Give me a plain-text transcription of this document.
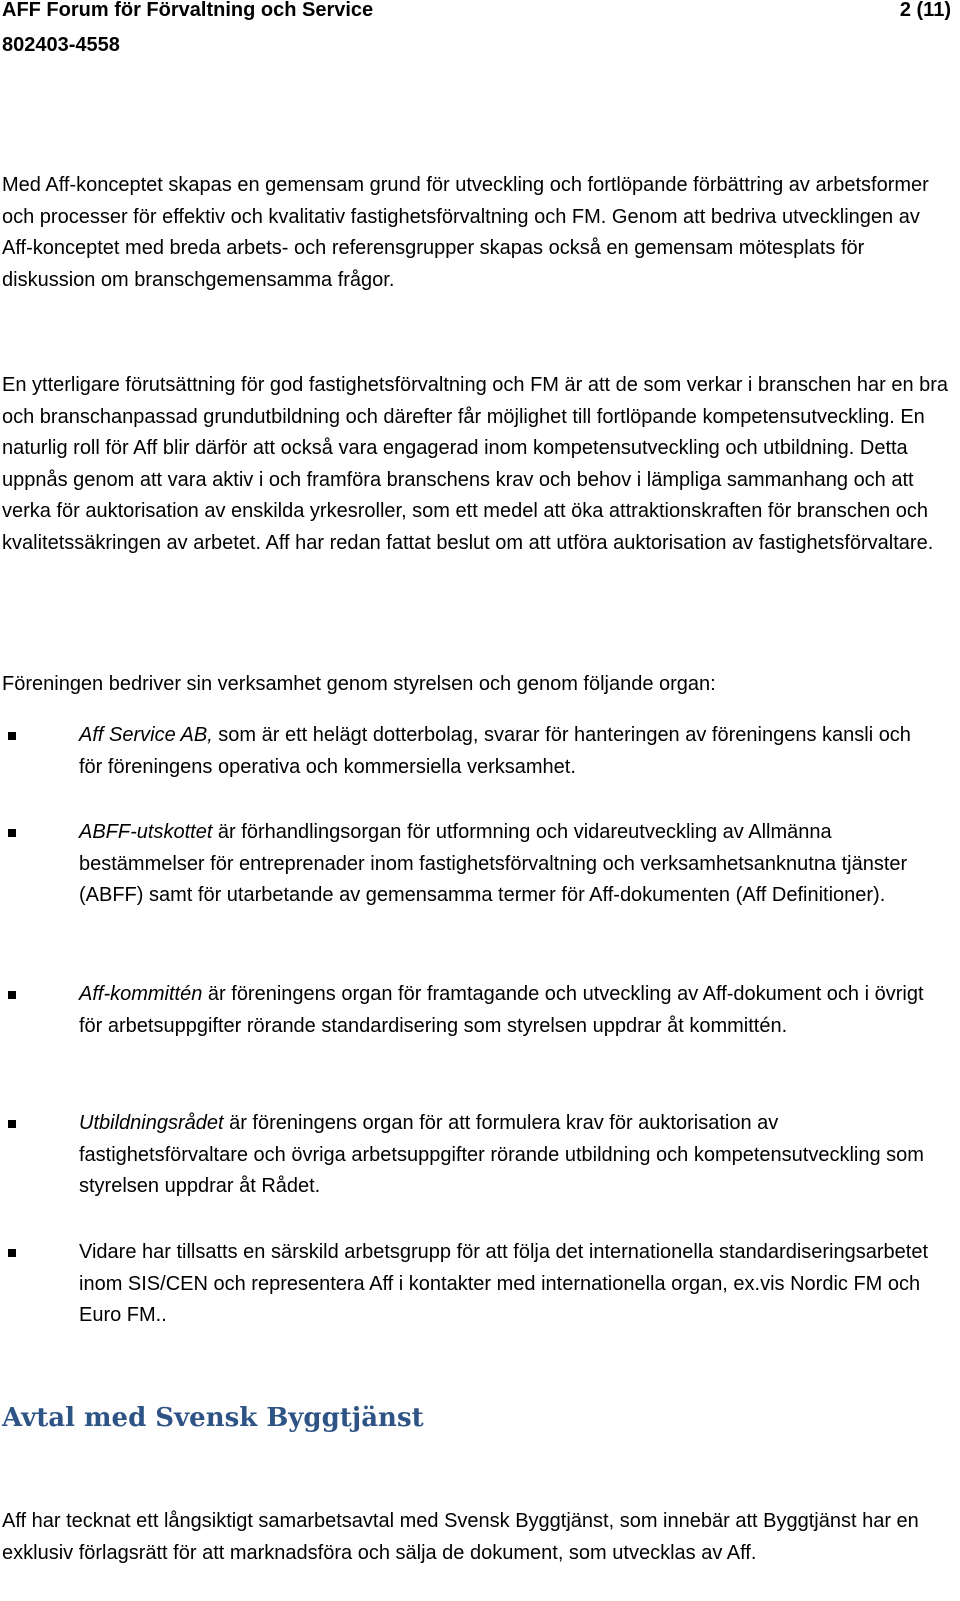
AFF Forum för Förvaltning och Service	2 (11)
802403-4558

Med Aff-konceptet skapas en gemensam grund för utveckling och fortlöpande förbättring av arbetsformer och processer för effektiv och kvalitativ fastighetsförvaltning och FM. Genom att bedriva utvecklingen av Aff-konceptet med breda arbets- och referensgrupper skapas också en gemensam mötesplats för diskussion om branschgemensamma frågor.

En ytterligare förutsättning för god fastighetsförvaltning och FM är att de som verkar i branschen har en bra och branschanpassad grundutbildning och därefter får möjlighet till fortlöpande kompetensutveckling. En naturlig roll för Aff blir därför att också vara engagerad inom kompetensutveckling och utbildning. Detta uppnås genom att vara aktiv i och framföra branschens krav och behov i lämpliga sammanhang och att verka för auktorisation av enskilda yrkesroller, som ett medel att öka attraktionskraften för branschen och kvalitetssäkringen av arbetet. Aff har redan fattat beslut om att utföra auktorisation av fastighetsförvaltare.

Föreningen bedriver sin verksamhet genom styrelsen och genom följande organ:

Aff Service AB, som är ett helägt dotterbolag, svarar för hanteringen av föreningens kansli och för föreningens operativa och kommersiella verksamhet.

ABFF-utskottet är förhandlingsorgan för utformning och vidareutveckling av Allmänna bestämmelser för entreprenader inom fastighetsförvaltning och verksamhetsanknutna tjänster (ABFF) samt för utarbetande av gemensamma termer för Aff-dokumenten (Aff Definitioner).

Aff-kommittén är föreningens organ för framtagande och utveckling av Aff-dokument och i övrigt för arbetsuppgifter rörande standardisering som styrelsen uppdrar åt kommittén.

Utbildningsrådet är föreningens organ för att formulera krav för auktorisation av fastighetsförvaltare och övriga arbetsuppgifter rörande utbildning och kompetensutveckling som styrelsen uppdrar åt Rådet.

Vidare har tillsatts en särskild arbetsgrupp för att följa det internationella standardiseringsarbetet inom SIS/CEN och representera Aff i kontakter med internationella organ, ex.vis Nordic FM och Euro FM..

Avtal med Svensk Byggtjänst

Aff har tecknat ett långsiktigt samarbetsavtal med Svensk Byggtjänst, som innebär att Byggtjänst har en exklusiv förlagsrätt för att marknadsföra och sälja de dokument, som utvecklas av Aff.
